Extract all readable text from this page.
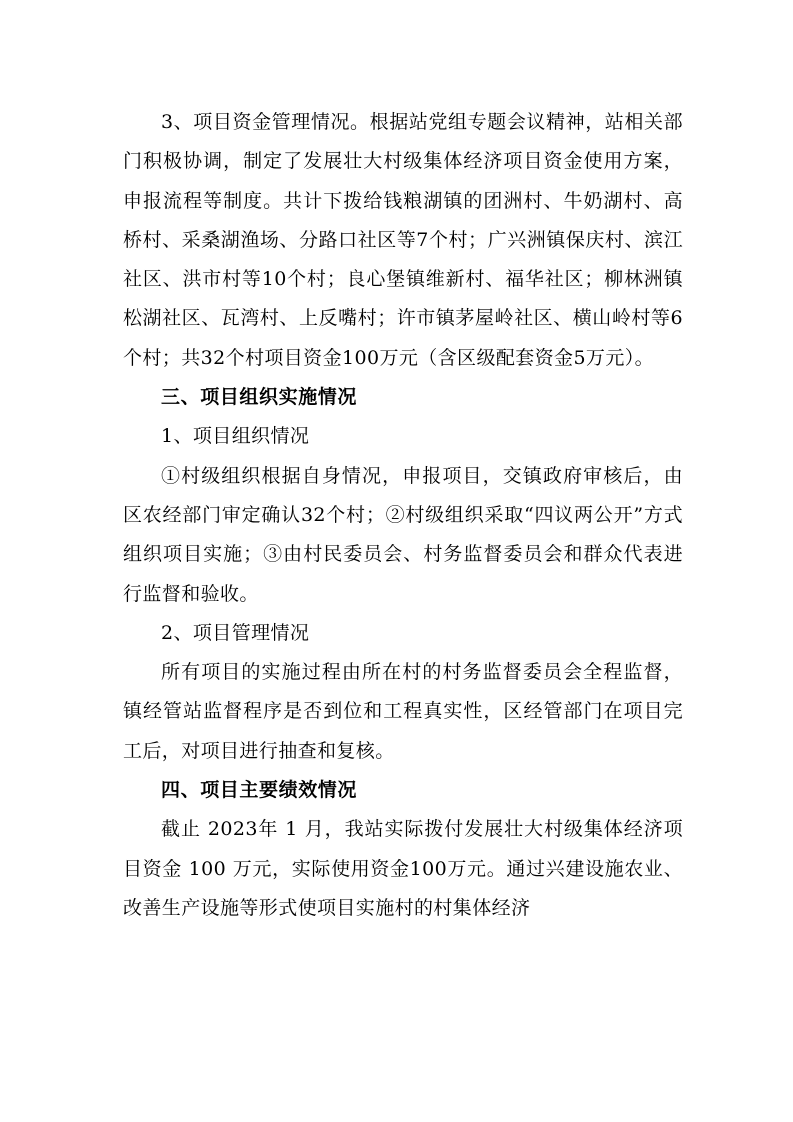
3、项目资金管理情况。根据站党组专题会议精神，站相关部门积极协调，制定了发展壮大村级集体经济项目资金使用方案，申报流程等制度。共计下拨给钱粮湖镇的团洲村、牛奶湖村、高桥村、采桑湖渔场、分路口社区等7个村；广兴洲镇保庆村、滨江社区、洪市村等10个村；良心堡镇维新村、福华社区；柳林洲镇松湖社区、瓦湾村、上反嘴村；许市镇茅屋岭社区、横山岭村等6个村；共32个村项目资金100万元（含区级配套资金5万元）。

三、项目组织实施情况

1、项目组织情况

①村级组织根据自身情况，申报项目，交镇政府审核后，由区农经部门审定确认32个村；②村级组织采取“四议两公开”方式组织项目实施；③由村民委员会、村务监督委员会和群众代表进行监督和验收。

2、项目管理情况

所有项目的实施过程由所在村的村务监督委员会全程监督，镇经管站监督程序是否到位和工程真实性，区经管部门在项目完工后，对项目进行抽查和复核。

四、项目主要绩效情况

截止 2023年 1 月，我站实际拨付发展壮大村级集体经济项目资金 100 万元，实际使用资金100万元。通过兴建设施农业、改善生产设施等形式使项目实施村的村集体经济
